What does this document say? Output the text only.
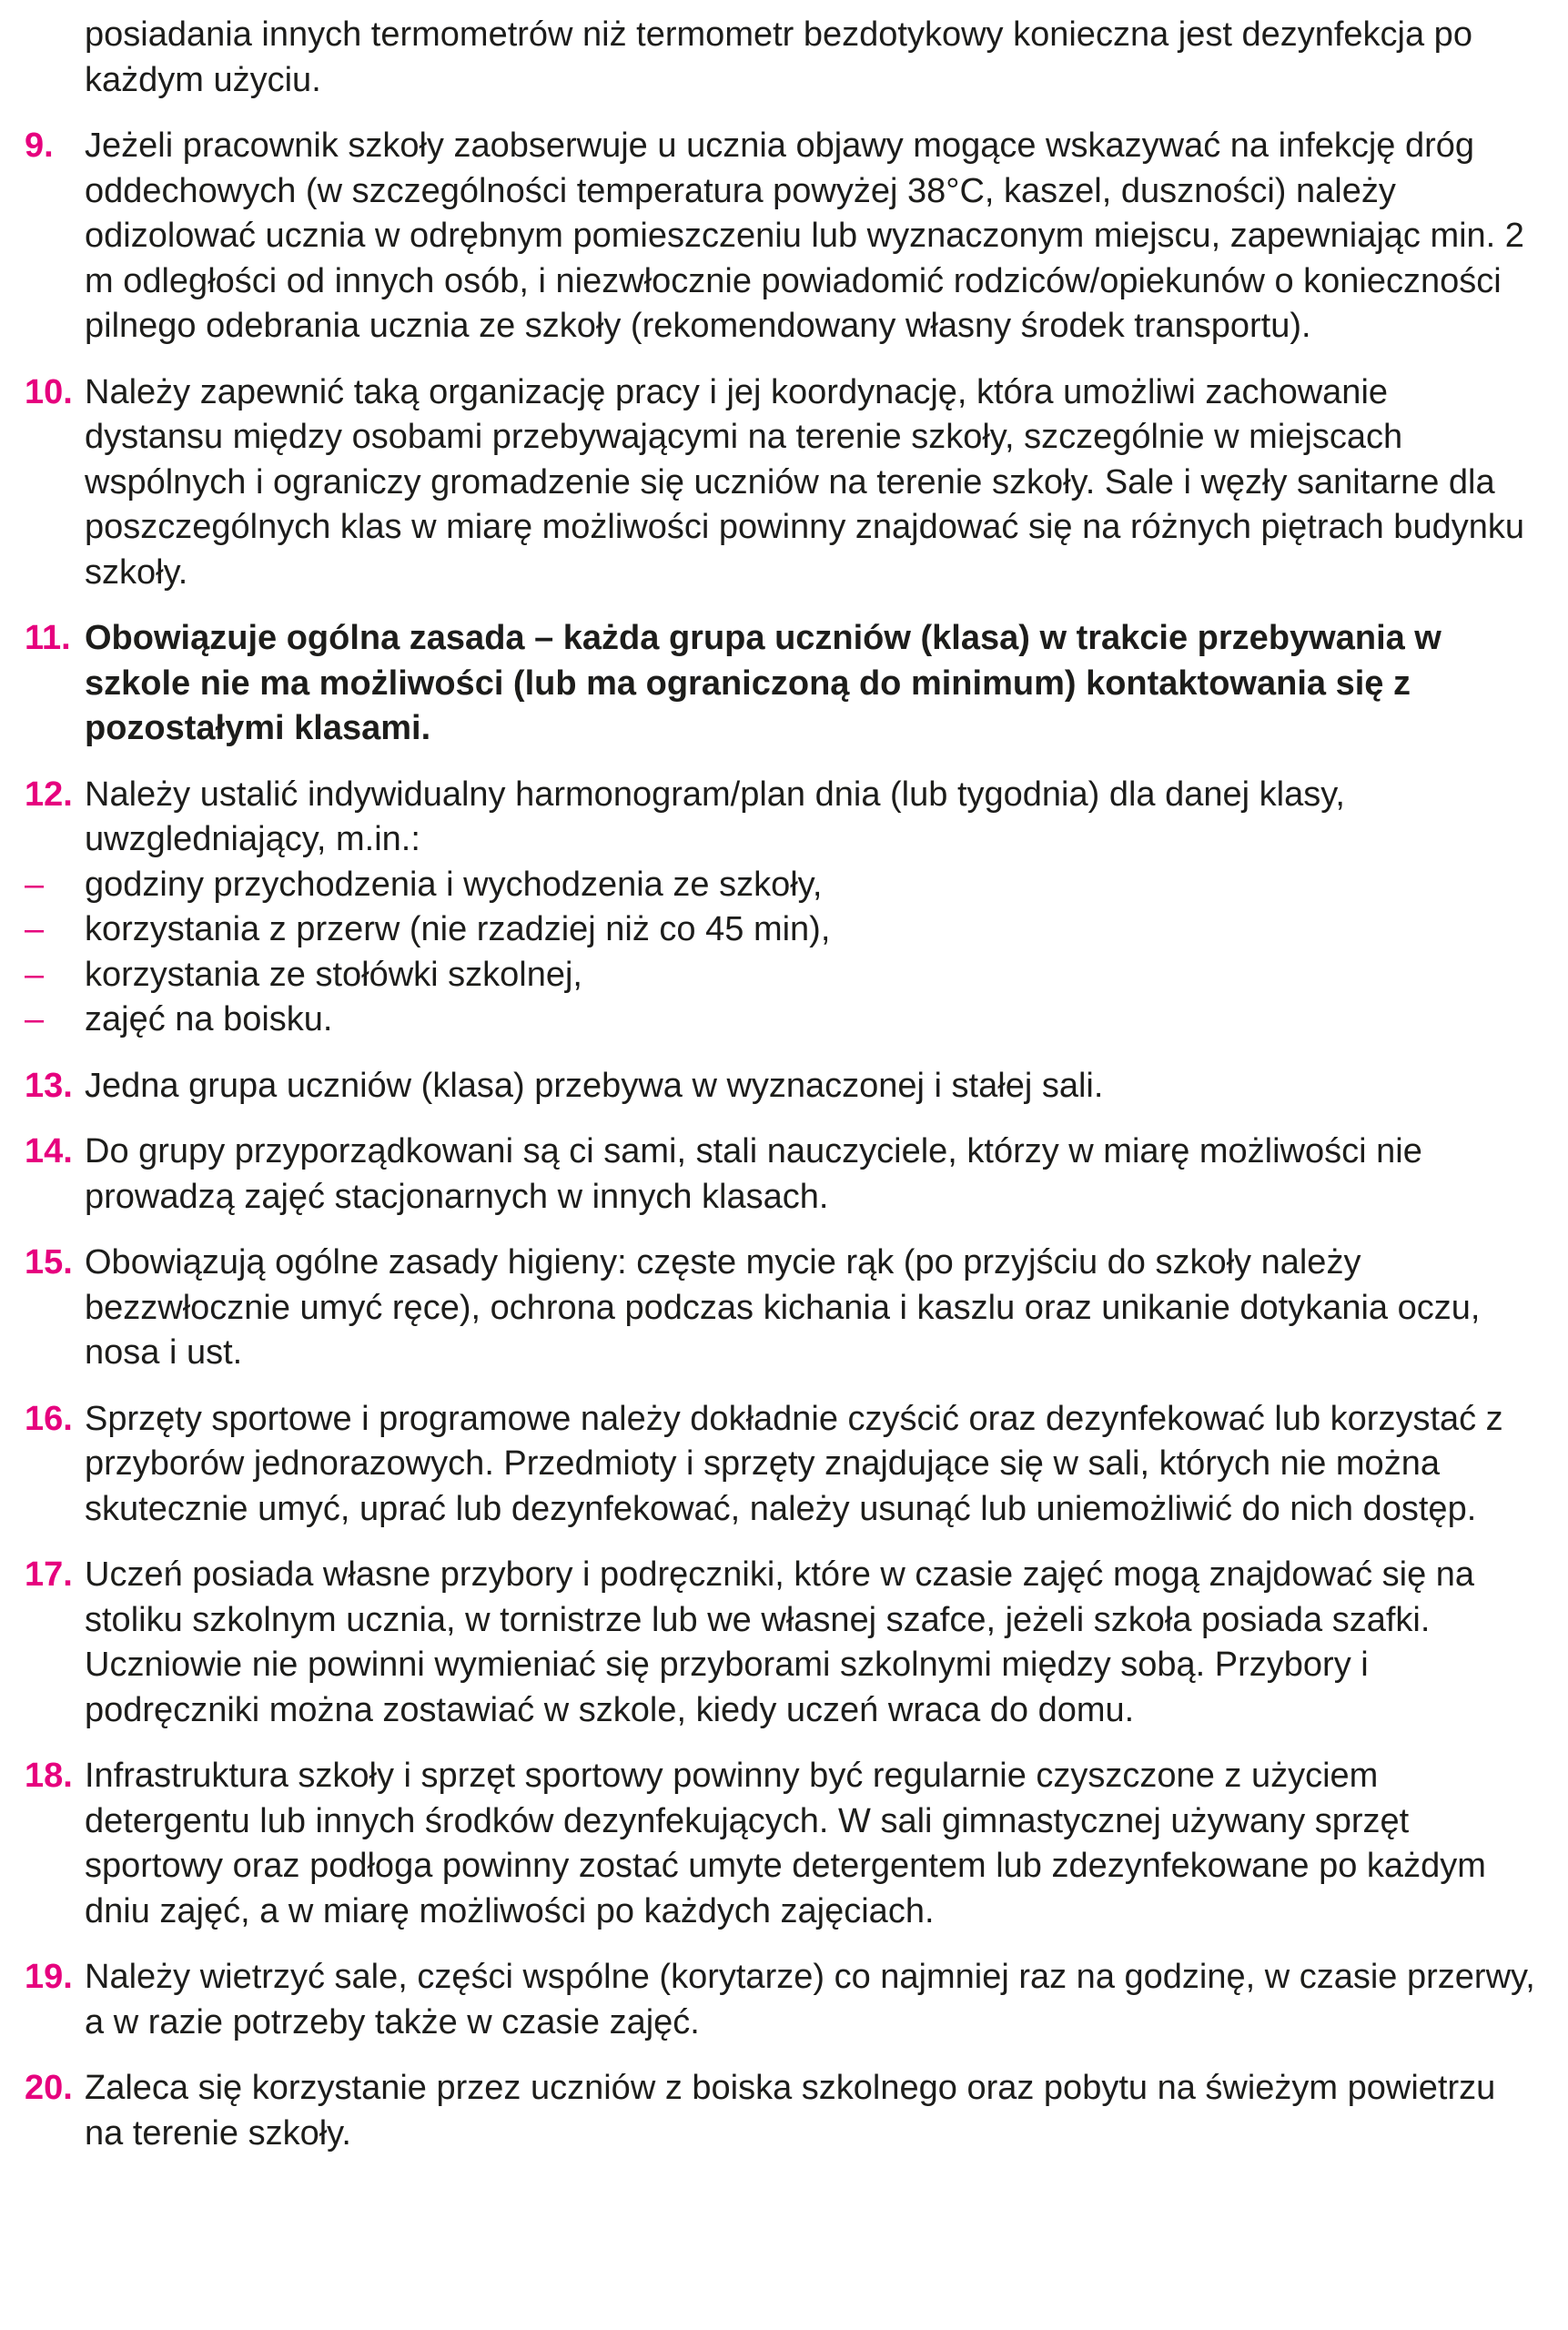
posiadania innych termometrów niż termometr bezdotykowy konieczna jest dezynfekcja po każdym użyciu.

9. Jeżeli pracownik szkoły zaobserwuje u ucznia objawy mogące wskazywać na infekcję dróg oddechowych (w szczególności temperatura powyżej 38°C, kaszel, duszności) należy odizolować ucznia w odrębnym pomieszczeniu lub wyznaczonym miejscu, zapewniając min. 2 m odległości od innych osób, i niezwłocznie powiadomić rodziców/opiekunów o konieczności pilnego odebrania ucznia ze szkoły (rekomendowany własny środek transportu).

10. Należy zapewnić taką organizację pracy i jej koordynację, która umożliwi zachowanie dystansu między osobami przebywającymi na terenie szkoły, szczególnie w miejscach wspólnych i ograniczy gromadzenie się uczniów na terenie szkoły. Sale i węzły sanitarne dla poszczególnych klas w miarę możliwości powinny znajdować się na różnych piętrach budynku szkoły.

11. Obowiązuje ogólna zasada – każda grupa uczniów (klasa) w trakcie przebywania w szkole nie ma możliwości (lub ma ograniczoną do minimum) kontaktowania się z pozostałymi klasami.

12. Należy ustalić indywidualny harmonogram/plan dnia (lub tygodnia) dla danej klasy, uwzgledniający, m.in.:

– godziny przychodzenia i wychodzenia ze szkoły,
– korzystania z przerw (nie rzadziej niż co 45 min),
– korzystania ze stołówki szkolnej,
– zajęć na boisku.
13. Jedna grupa uczniów (klasa) przebywa w wyznaczonej i stałej sali.

14. Do grupy przyporządkowani są ci sami, stali nauczyciele, którzy w miarę możliwości nie prowadzą zajęć stacjonarnych w innych klasach.

15. Obowiązują ogólne zasady higieny: częste mycie rąk (po przyjściu do szkoły należy bezzwłocznie umyć ręce), ochrona podczas kichania i kaszlu oraz unikanie dotykania oczu, nosa i ust.

16. Sprzęty sportowe i programowe należy dokładnie czyścić oraz dezynfekować lub korzystać z przyborów jednorazowych. Przedmioty i sprzęty znajdujące się w sali, których nie można skutecznie umyć, uprać lub dezynfekować, należy usunąć lub uniemożliwić do nich dostęp.

17. Uczeń posiada własne przybory i podręczniki, które w czasie zajęć mogą znajdować się na stoliku szkolnym ucznia, w tornistrze lub we własnej szafce, jeżeli szkoła posiada szafki. Uczniowie nie powinni wymieniać się przyborami szkolnymi między sobą. Przybory i podręczniki można zostawiać w szkole, kiedy uczeń wraca do domu.

18. Infrastruktura szkoły i sprzęt sportowy powinny być regularnie czyszczone z użyciem detergentu lub innych środków dezynfekujących. W sali gimnastycznej używany sprzęt sportowy oraz podłoga powinny zostać umyte detergentem lub zdezynfekowane po każdym dniu zajęć, a w miarę możliwości po każdych zajęciach.

19. Należy wietrzyć sale, części wspólne (korytarze) co najmniej raz na godzinę, w czasie przerwy, a w razie potrzeby także w czasie zajęć.

20. Zaleca się korzystanie przez uczniów z boiska szkolnego oraz pobytu na świeżym powietrzu na terenie szkoły.
